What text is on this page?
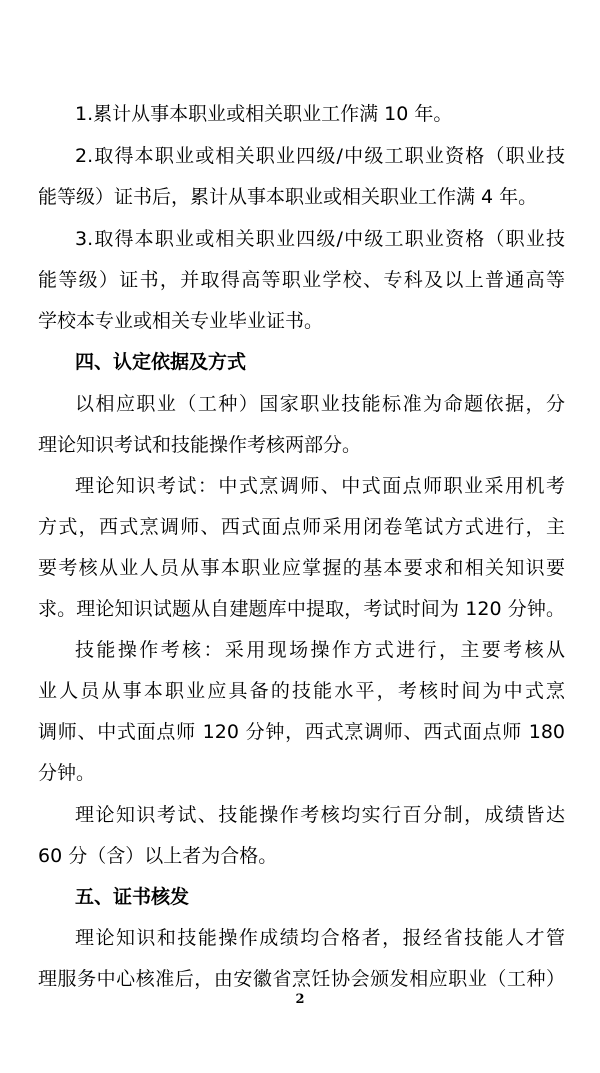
1.累计从事本职业或相关职业工作满 10 年。
2.取得本职业或相关职业四级/中级工职业资格（职业技
能等级）证书后，累计从事本职业或相关职业工作满 4 年。
3.取得本职业或相关职业四级/中级工职业资格（职业技
能等级）证书，并取得高等职业学校、专科及以上普通高等
学校本专业或相关专业毕业证书。
四、认定依据及方式
以相应职业（工种）国家职业技能标准为命题依据，分
理论知识考试和技能操作考核两部分。
理论知识考试：中式烹调师、中式面点师职业采用机考
方式，西式烹调师、西式面点师采用闭卷笔试方式进行，主
要考核从业人员从事本职业应掌握的基本要求和相关知识要
求。理论知识试题从自建题库中提取，考试时间为 120 分钟。
技能操作考核：采用现场操作方式进行，主要考核从
业人员从事本职业应具备的技能水平，考核时间为中式烹
调师、中式面点师 120 分钟，西式烹调师、西式面点师 180
分钟。
理论知识考试、技能操作考核均实行百分制，成绩皆达
60 分（含）以上者为合格。
五、证书核发
理论知识和技能操作成绩均合格者，报经省技能人才管
理服务中心核准后，由安徽省烹饪协会颁发相应职业（工种）
2
